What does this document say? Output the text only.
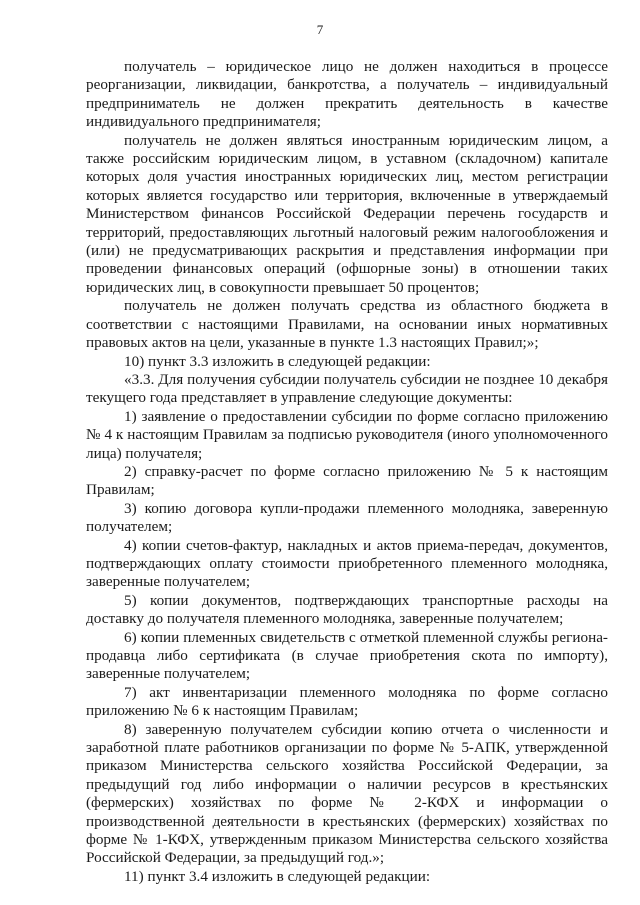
7

получатель – юридическое лицо не должен находиться в процессе реорганизации, ликвидации, банкротства, а получатель – индивидуальный предприниматель не должен прекратить деятельность в качестве индивидуального предпринимателя;

получатель не должен являться иностранным юридическим лицом, а также российским юридическим лицом, в уставном (складочном) капитале которых доля участия иностранных юридических лиц, местом регистрации которых является государство или территория, включенные в утверждаемый Министерством финансов Российской Федерации перечень государств и территорий, предоставляющих льготный налоговый режим налогообложения и (или) не предусматривающих раскрытия и представления информации при проведении финансовых операций (офшорные зоны) в отношении таких юридических лиц, в совокупности превышает 50 процентов;

получатель не должен получать средства из областного бюджета в соответствии с настоящими Правилами, на основании иных нормативных правовых актов на цели, указанные в пункте 1.3 настоящих Правил;»;

10) пункт 3.3 изложить в следующей редакции:

«3.3. Для получения субсидии получатель субсидии не позднее 10 декабря текущего года представляет в управление следующие документы:

1) заявление о предоставлении субсидии по форме согласно приложению № 4 к настоящим Правилам за подписью руководителя (иного уполномоченного лица) получателя;

2) справку-расчет по форме согласно приложению № 5 к настоящим Правилам;

3) копию договора купли-продажи племенного молодняка, заверенную получателем;

4) копии счетов-фактур, накладных и актов приема-передач, документов, подтверждающих оплату стоимости приобретенного племенного молодняка, заверенные получателем;

5) копии документов, подтверждающих транспортные расходы на доставку до получателя племенного молодняка, заверенные получателем;

6) копии племенных свидетельств с отметкой племенной службы региона-продавца либо сертификата (в случае приобретения скота по импорту), заверенные получателем;

7) акт инвентаризации племенного молодняка по форме согласно приложению № 6 к настоящим Правилам;

8) заверенную получателем субсидии копию отчета о численности и заработной плате работников организации по форме № 5-АПК, утвержденной приказом Министерства сельского хозяйства Российской Федерации, за предыдущий год либо информации о наличии ресурсов в крестьянских (фермерских) хозяйствах по форме № 2-КФХ и информации о производственной деятельности в крестьянских (фермерских) хозяйствах по форме № 1-КФХ, утвержденным приказом Министерства сельского хозяйства Российской Федерации, за предыдущий год.»;

11) пункт 3.4 изложить в следующей редакции:
